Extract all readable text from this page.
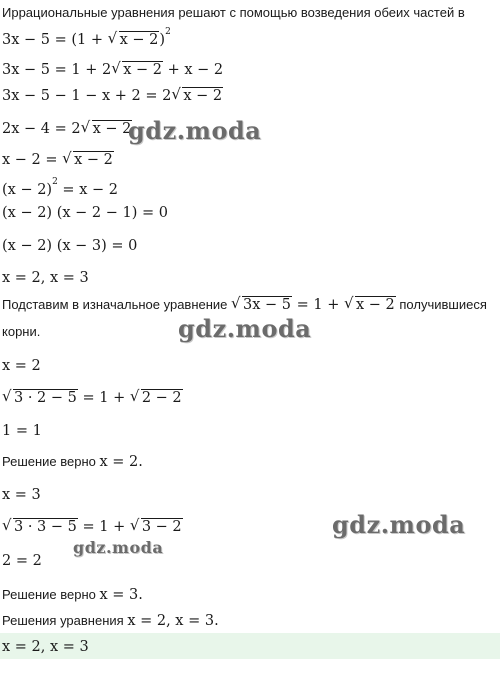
Иррациональные уравнения решают с помощью возведения обеих частей в
3x − 5 = (1 + √ x − 2)$^2$
3x − 5 = 1 + 2 √ x − 2 + x − 2
3x − 5 − 1 − x + 2 = 2 √ x − 2
2x − 4 = 2 √ x − 2
x − 2 = √ x − 2
$(x - 2)^2 = x - 2$
(x − 2) (x − 2 − 1) = 0
(x − 2) (x − 3) = 0
x = 2, x = 3
Подставим в изначальное уравнение √ 3x − 5 = 1 + √ x − 2 получившиеся
корни.
x = 2
√ 3 · 2 − 5 = 1 + √ 2 − 2
1 = 1
Решение верно x = 2.
x = 3
√ 3 · 3 − 5 = 1 + √ 3 − 2
2 = 2
Решение верно x = 3.
Решения уравнения x = 2, x = 3.
x = 2, x = 3
gdz.moda
gdz.moda
gdz.moda
gdz.moda
